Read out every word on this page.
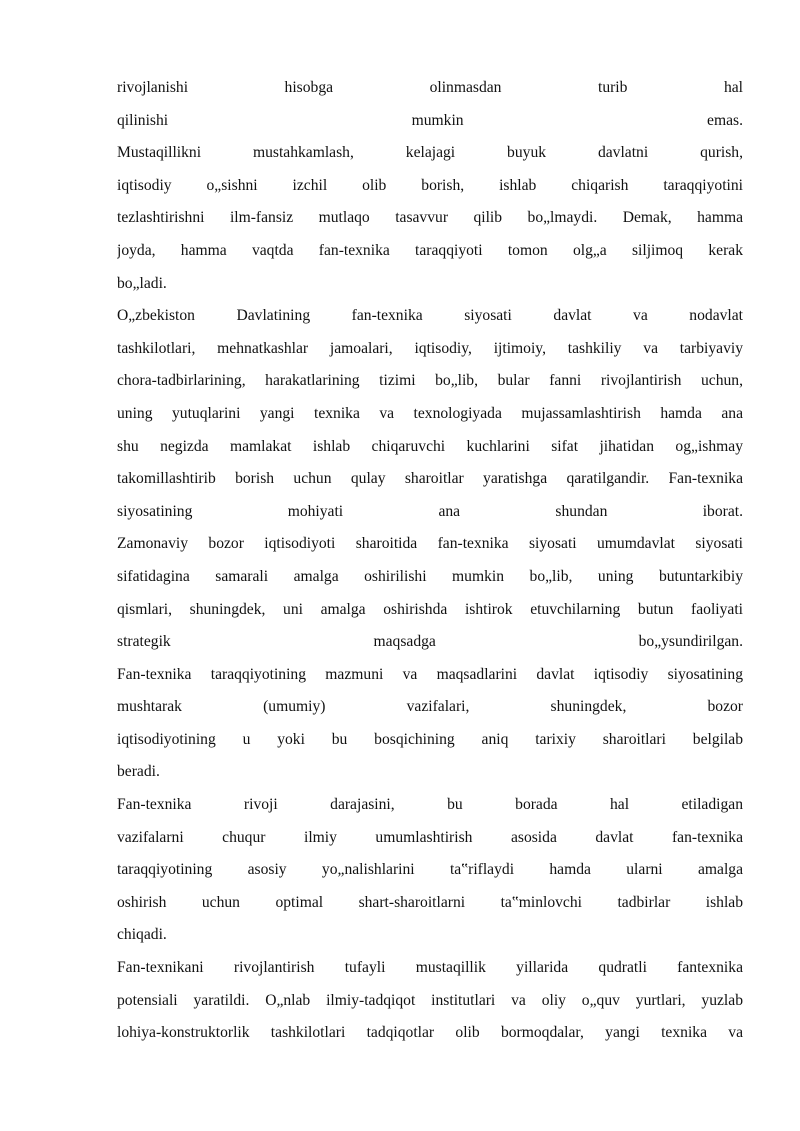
rivojlanishi hisobga olinmasdan turib hal
qilinishi mumkin emas.
Mustaqillikni mustahkamlash, kelajagi buyuk davlatni qurish,
iqtisodiy o„sishni izchil olib borish, ishlab chiqarish taraqqiyotini
tezlashtirishni ilm-fansiz mutlaqo tasavvur qilib bo„lmaydi. Demak, hamma
joyda, hamma vaqtda fan-texnika taraqqiyoti tomon olg„a siljimoq kerak
bo„ladi.
O„zbekiston Davlatining fan-texnika siyosati davlat va nodavlat
tashkilotlari, mehnatkashlar jamoalari, iqtisodiy, ijtimoiy, tashkiliy va tarbiyaviy
chora-tadbirlarining, harakatlarining tizimi bo„lib, bular fanni rivojlantirish uchun,
uning yutuqlarini yangi texnika va texnologiyada mujassamlashtirish hamda ana
shu negizda mamlakat ishlab chiqaruvchi kuchlarini sifat jihatidan og„ishmay
takomillashtirib borish uchun qulay sharoitlar yaratishga qaratilgandir. Fan-texnika
siyosatining mohiyati ana shundan iborat.
Zamonaviy bozor iqtisodiyoti sharoitida fan-texnika siyosati umumdavlat siyosati
sifatidagina samarali amalga oshirilishi mumkin bo„lib, uning butuntarkibiy
qismlari, shuningdek, uni amalga oshirishda ishtirok etuvchilarning butun faoliyati
strategik maqsadga bo„ysundirilgan.
Fan-texnika taraqqiyotining mazmuni va maqsadlarini davlat iqtisodiy siyosatining
mushtarak (umumiy) vazifalari, shuningdek, bozor
iqtisodiyotining u yoki bu bosqichining aniq tarixiy sharoitlari belgilab
beradi.
Fan-texnika rivoji darajasini, bu borada hal etiladigan
vazifalarni chuqur ilmiy umumlashtirish asosida davlat fan-texnika
taraqqiyotining asosiy yo„nalishlarini ta‟riflaydi hamda ularni amalga
oshirish uchun optimal shart-sharoitlarni ta‟minlovchi tadbirlar ishlab
chiqadi.
Fan-texnikani rivojlantirish tufayli mustaqillik yillarida qudratli fantexnika
potensiali yaratildi. O„nlab ilmiy-tadqiqot institutlari va oliy o„quv yurtlari, yuzlab
lohiya-konstruktorlik tashkilotlari tadqiqotlar olib bormoqdalar, yangi texnika va
